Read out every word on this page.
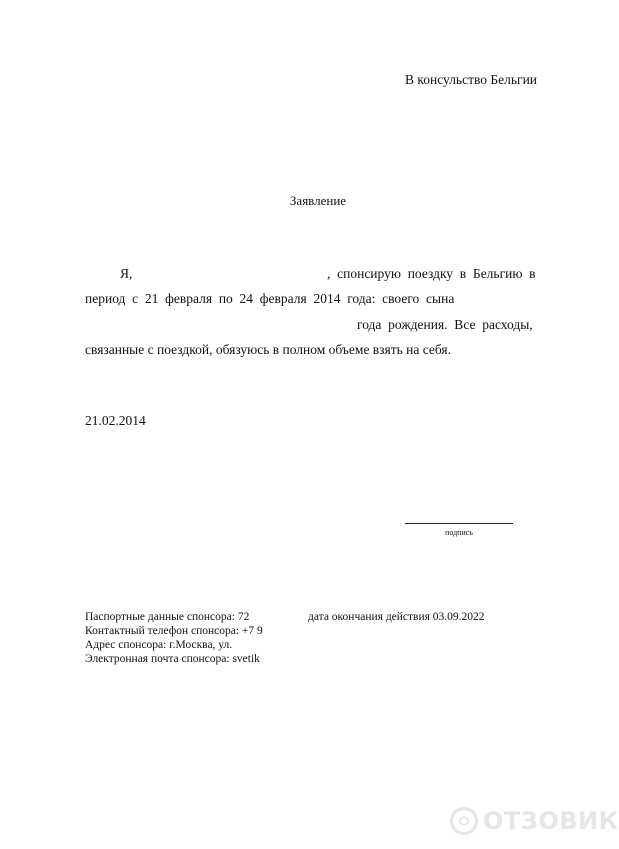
В консульство Бельгии
Заявление
Я,	,  спонсирую  поездку  в  Бельгию  в
период  с  21  февраля  по  24  февраля  2014  года:  своего  сына
года  рождения.  Все  расходы,
связанные с поездкой, обязуюсь в полном объеме взять на себя.
21.02.2014
подпись
Паспортные данные спонсора: 72	дата окончания действия 03.09.2022
Контактный телефон спонсора: +7 9
Адрес спонсора: г.Москва, ул.
Электронная почта спонсора: svetik
ОТЗОВИК
